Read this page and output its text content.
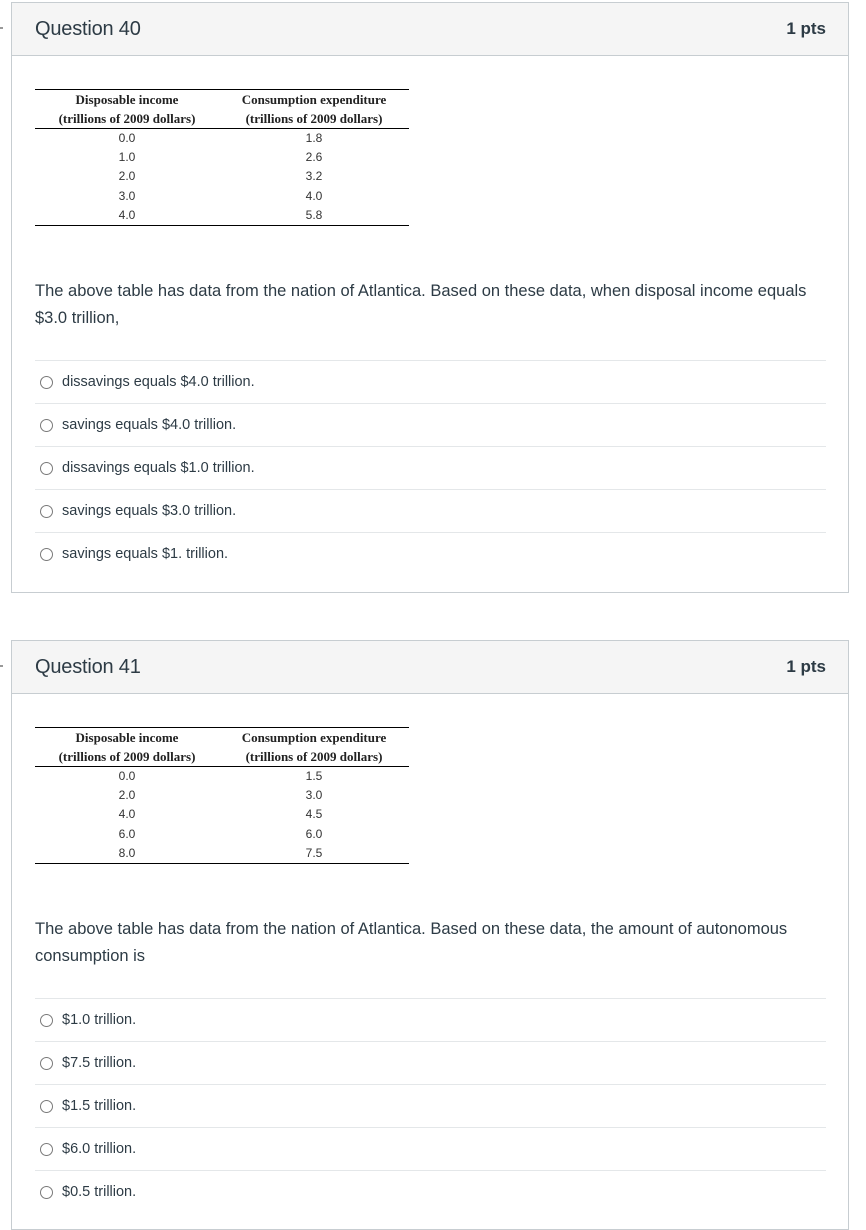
Question 40	1 pts
Disposable income	Consumption expenditure
(trillions of 2009 dollars)	(trillions of 2009 dollars)
0.0	1.8
1.0	2.6
2.0	3.2
3.0	4.0
4.0	5.8

The above table has data from the nation of Atlantica. Based on these data, when disposal income equals $3.0 trillion,

dissavings equals $4.0 trillion.
savings equals $4.0 trillion.
dissavings equals $1.0 trillion.
savings equals $3.0 trillion.
savings equals $1. trillion.
Question 41	1 pts
Disposable income	Consumption expenditure
(trillions of 2009 dollars)	(trillions of 2009 dollars)
0.0	1.5
2.0	3.0
4.0	4.5
6.0	6.0
8.0	7.5

The above table has data from the nation of Atlantica. Based on these data, the amount of autonomous consumption is

$1.0 trillion.
$7.5 trillion.
$1.5 trillion.
$6.0 trillion.
$0.5 trillion.
